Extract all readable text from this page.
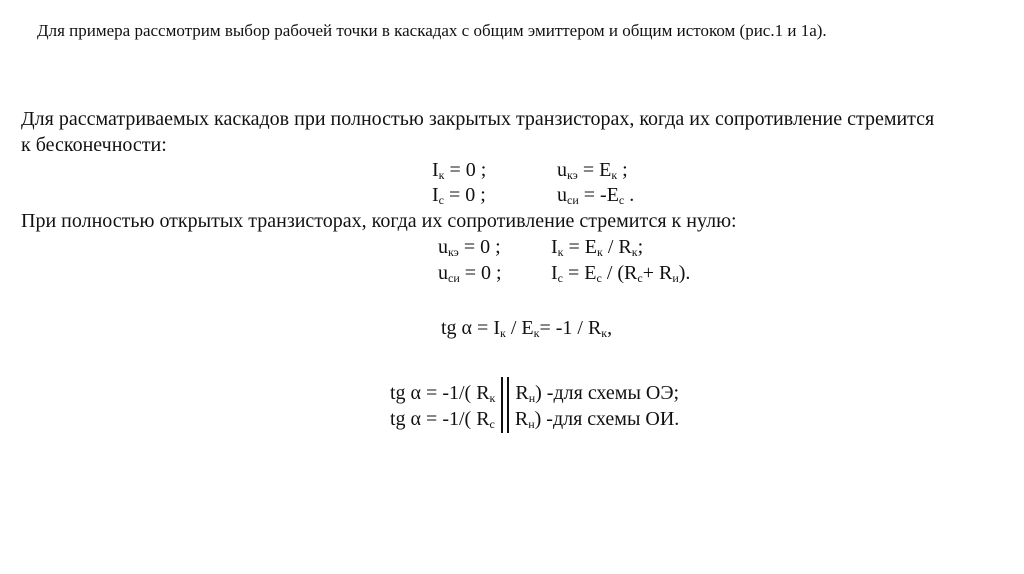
Для примера рассмотрим выбор рабочей точки в каскадах с общим эмиттером и общим истоком (рис.1 и 1а).
Для рассматриваемых каскадов при полностью закрытых транзисторах, когда их сопротивление стремится
к бесконечности:
$I_к = 0$ ;	$u_{кэ} = E_к$ ;
$I_c = 0$ ;	$u_{си} = -E_c$ .
При полностью открытых транзисторах, когда их сопротивление стремится к нулю:
$u_{кэ} = 0$ ;	$I_к = E_к / R_к$;
$u_{си} = 0$ ; $I_c = E_c / (R_c+ R_и)$.
tg $\alpha = I_к / E_к= -1 / R_к$,
tg α = -1/( $R_к$ $R_н$) -для схемы ОЭ;
tg α = -1/( $R_c$ $R_н$) -для схемы ОИ.
